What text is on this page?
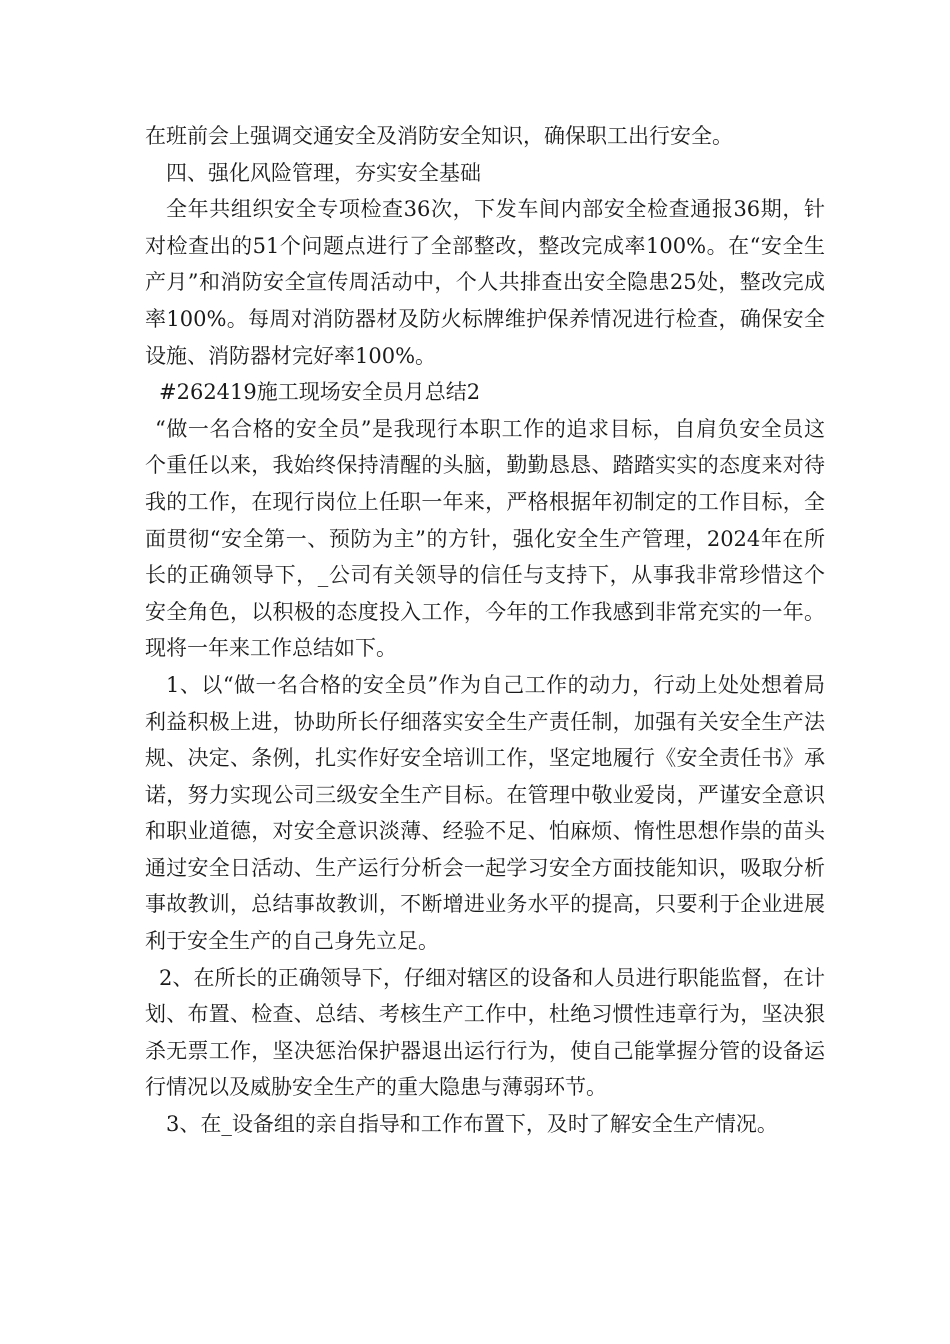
在班前会上强调交通安全及消防安全知识，确保职工出行安全。

四、强化风险管理，夯实安全基础

全年共组织安全专项检查36次，下发车间内部安全检查通报36期，针对检查出的51个问题点进行了全部整改，整改完成率100%。在“安全生产月”和消防安全宣传周活动中，个人共排查出安全隐患25处，整改完成率100%。每周对消防器材及防火标牌维护保养情况进行检查，确保安全设施、消防器材完好率100%。

#262419施工现场安全员月总结2

“做一名合格的安全员”是我现行本职工作的追求目标，自肩负安全员这个重任以来，我始终保持清醒的头脑，勤勤恳恳、踏踏实实的态度来对待我的工作，在现行岗位上任职一年来，严格根据年初制定的工作目标，全面贯彻“安全第一、预防为主”的方针，强化安全生产管理，2024年在所长的正确领导下，_公司有关领导的信任与支持下，从事我非常珍惜这个安全角色，以积极的态度投入工作，今年的工作我感到非常充实的一年。现将一年来工作总结如下。

1、以“做一名合格的安全员”作为自己工作的动力，行动上处处想着局利益积极上进，协助所长仔细落实安全生产责任制，加强有关安全生产法规、决定、条例，扎实作好安全培训工作，坚定地履行《安全责任书》承诺，努力实现公司三级安全生产目标。在管理中敬业爱岗，严谨安全意识和职业道德，对安全意识淡薄、经验不足、怕麻烦、惰性思想作祟的苗头通过安全日活动、生产运行分析会一起学习安全方面技能知识，吸取分析事故教训，总结事故教训，不断增进业务水平的提高，只要利于企业进展利于安全生产的自己身先立足。

2、在所长的正确领导下，仔细对辖区的设备和人员进行职能监督，在计划、布置、检查、总结、考核生产工作中，杜绝习惯性违章行为，坚决狠杀无票工作，坚决惩治保护器退出运行行为，使自己能掌握分管的设备运行情况以及威胁安全生产的重大隐患与薄弱环节。

3、在_设备组的亲自指导和工作布置下，及时了解安全生产情况。
